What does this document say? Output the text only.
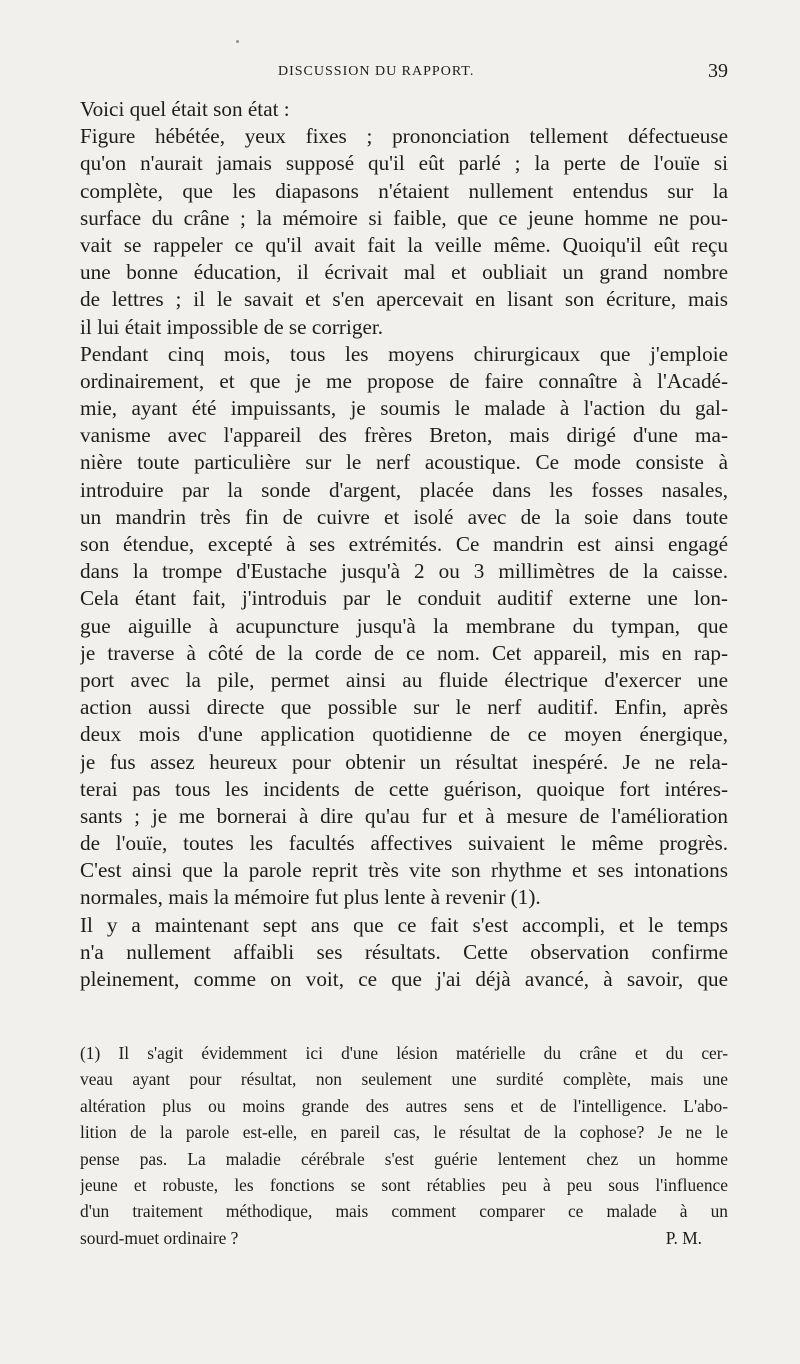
DISCUSSION DU RAPPORT.	39
Voici quel était son état :
Figure hébétée, yeux fixes ; prononciation tellement défectueuse
qu'on n'aurait jamais supposé qu'il eût parlé ; la perte de l'ouïe si
complète, que les diapasons n'étaient nullement entendus sur la
surface du crâne ; la mémoire si faible, que ce jeune homme ne pou-
vait se rappeler ce qu'il avait fait la veille même. Quoiqu'il eût reçu
une bonne éducation, il écrivait mal et oubliait un grand nombre
de lettres ; il le savait et s'en apercevait en lisant son écriture, mais
il lui était impossible de se corriger.
Pendant cinq mois, tous les moyens chirurgicaux que j'emploie
ordinairement, et que je me propose de faire connaître à l'Acadé-
mie, ayant été impuissants, je soumis le malade à l'action du gal-
vanisme avec l'appareil des frères Breton, mais dirigé d'une ma-
nière toute particulière sur le nerf acoustique. Ce mode consiste à
introduire par la sonde d'argent, placée dans les fosses nasales,
un mandrin très fin de cuivre et isolé avec de la soie dans toute
son étendue, excepté à ses extrémités. Ce mandrin est ainsi engagé
dans la trompe d'Eustache jusqu'à 2 ou 3 millimètres de la caisse.
Cela étant fait, j'introduis par le conduit auditif externe une lon-
gue aiguille à acupuncture jusqu'à la membrane du tympan, que
je traverse à côté de la corde de ce nom. Cet appareil, mis en rap-
port avec la pile, permet ainsi au fluide électrique d'exercer une
action aussi directe que possible sur le nerf auditif. Enfin, après
deux mois d'une application quotidienne de ce moyen énergique,
je fus assez heureux pour obtenir un résultat inespéré. Je ne rela-
terai pas tous les incidents de cette guérison, quoique fort intéres-
sants ; je me bornerai à dire qu'au fur et à mesure de l'amélioration
de l'ouïe, toutes les facultés affectives suivaient le même progrès.
C'est ainsi que la parole reprit très vite son rhythme et ses intonations
normales, mais la mémoire fut plus lente à revenir (1).
Il y a maintenant sept ans que ce fait s'est accompli, et le temps
n'a nullement affaibli ses résultats. Cette observation confirme
pleinement, comme on voit, ce que j'ai déjà avancé, à savoir, que
(1) Il s'agit évidemment ici d'une lésion matérielle du crâne et du cer-
veau ayant pour résultat, non seulement une surdité complète, mais une
altération plus ou moins grande des autres sens et de l'intelligence. L'abo-
lition de la parole est-elle, en pareil cas, le résultat de la cophose? Je ne le
pense pas. La maladie cérébrale s'est guérie lentement chez un homme
jeune et robuste, les fonctions se sont rétablies peu à peu sous l'influence
d'un traitement méthodique, mais comment comparer ce malade à un
sourd-muet ordinaire ?	P. M.
